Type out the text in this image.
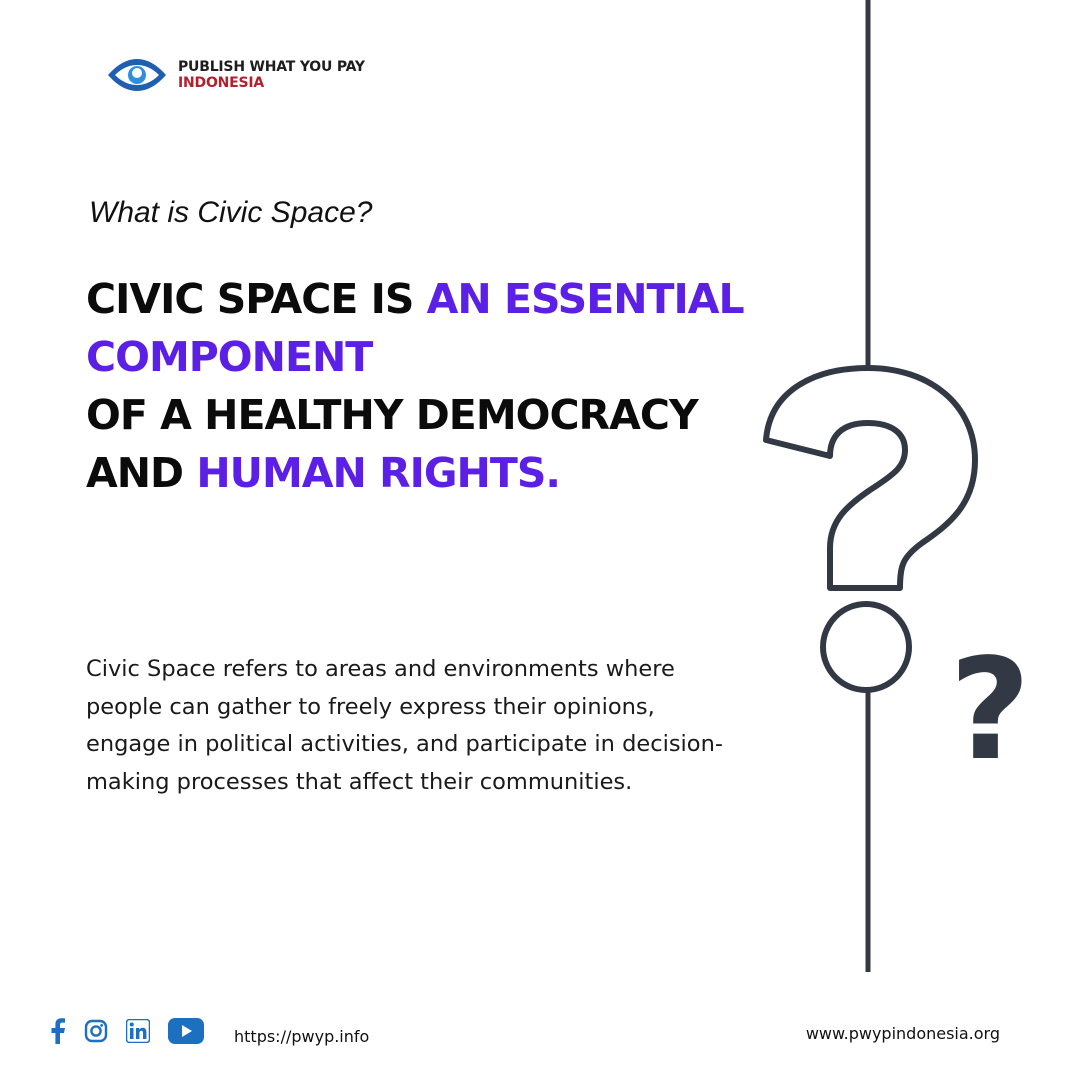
PUBLISH WHAT YOU PAY
INDONESIA
What is Civic Space?
CIVIC SPACE IS AN ESSENTIAL
COMPONENT
OF A HEALTHY DEMOCRACY
AND HUMAN RIGHTS.
Civic Space refers to areas and environments where people can gather to freely express their opinions, engage in political activities, and participate in decision-making processes that affect their communities.	?
https://pwyp.info	www.pwypindonesia.org
